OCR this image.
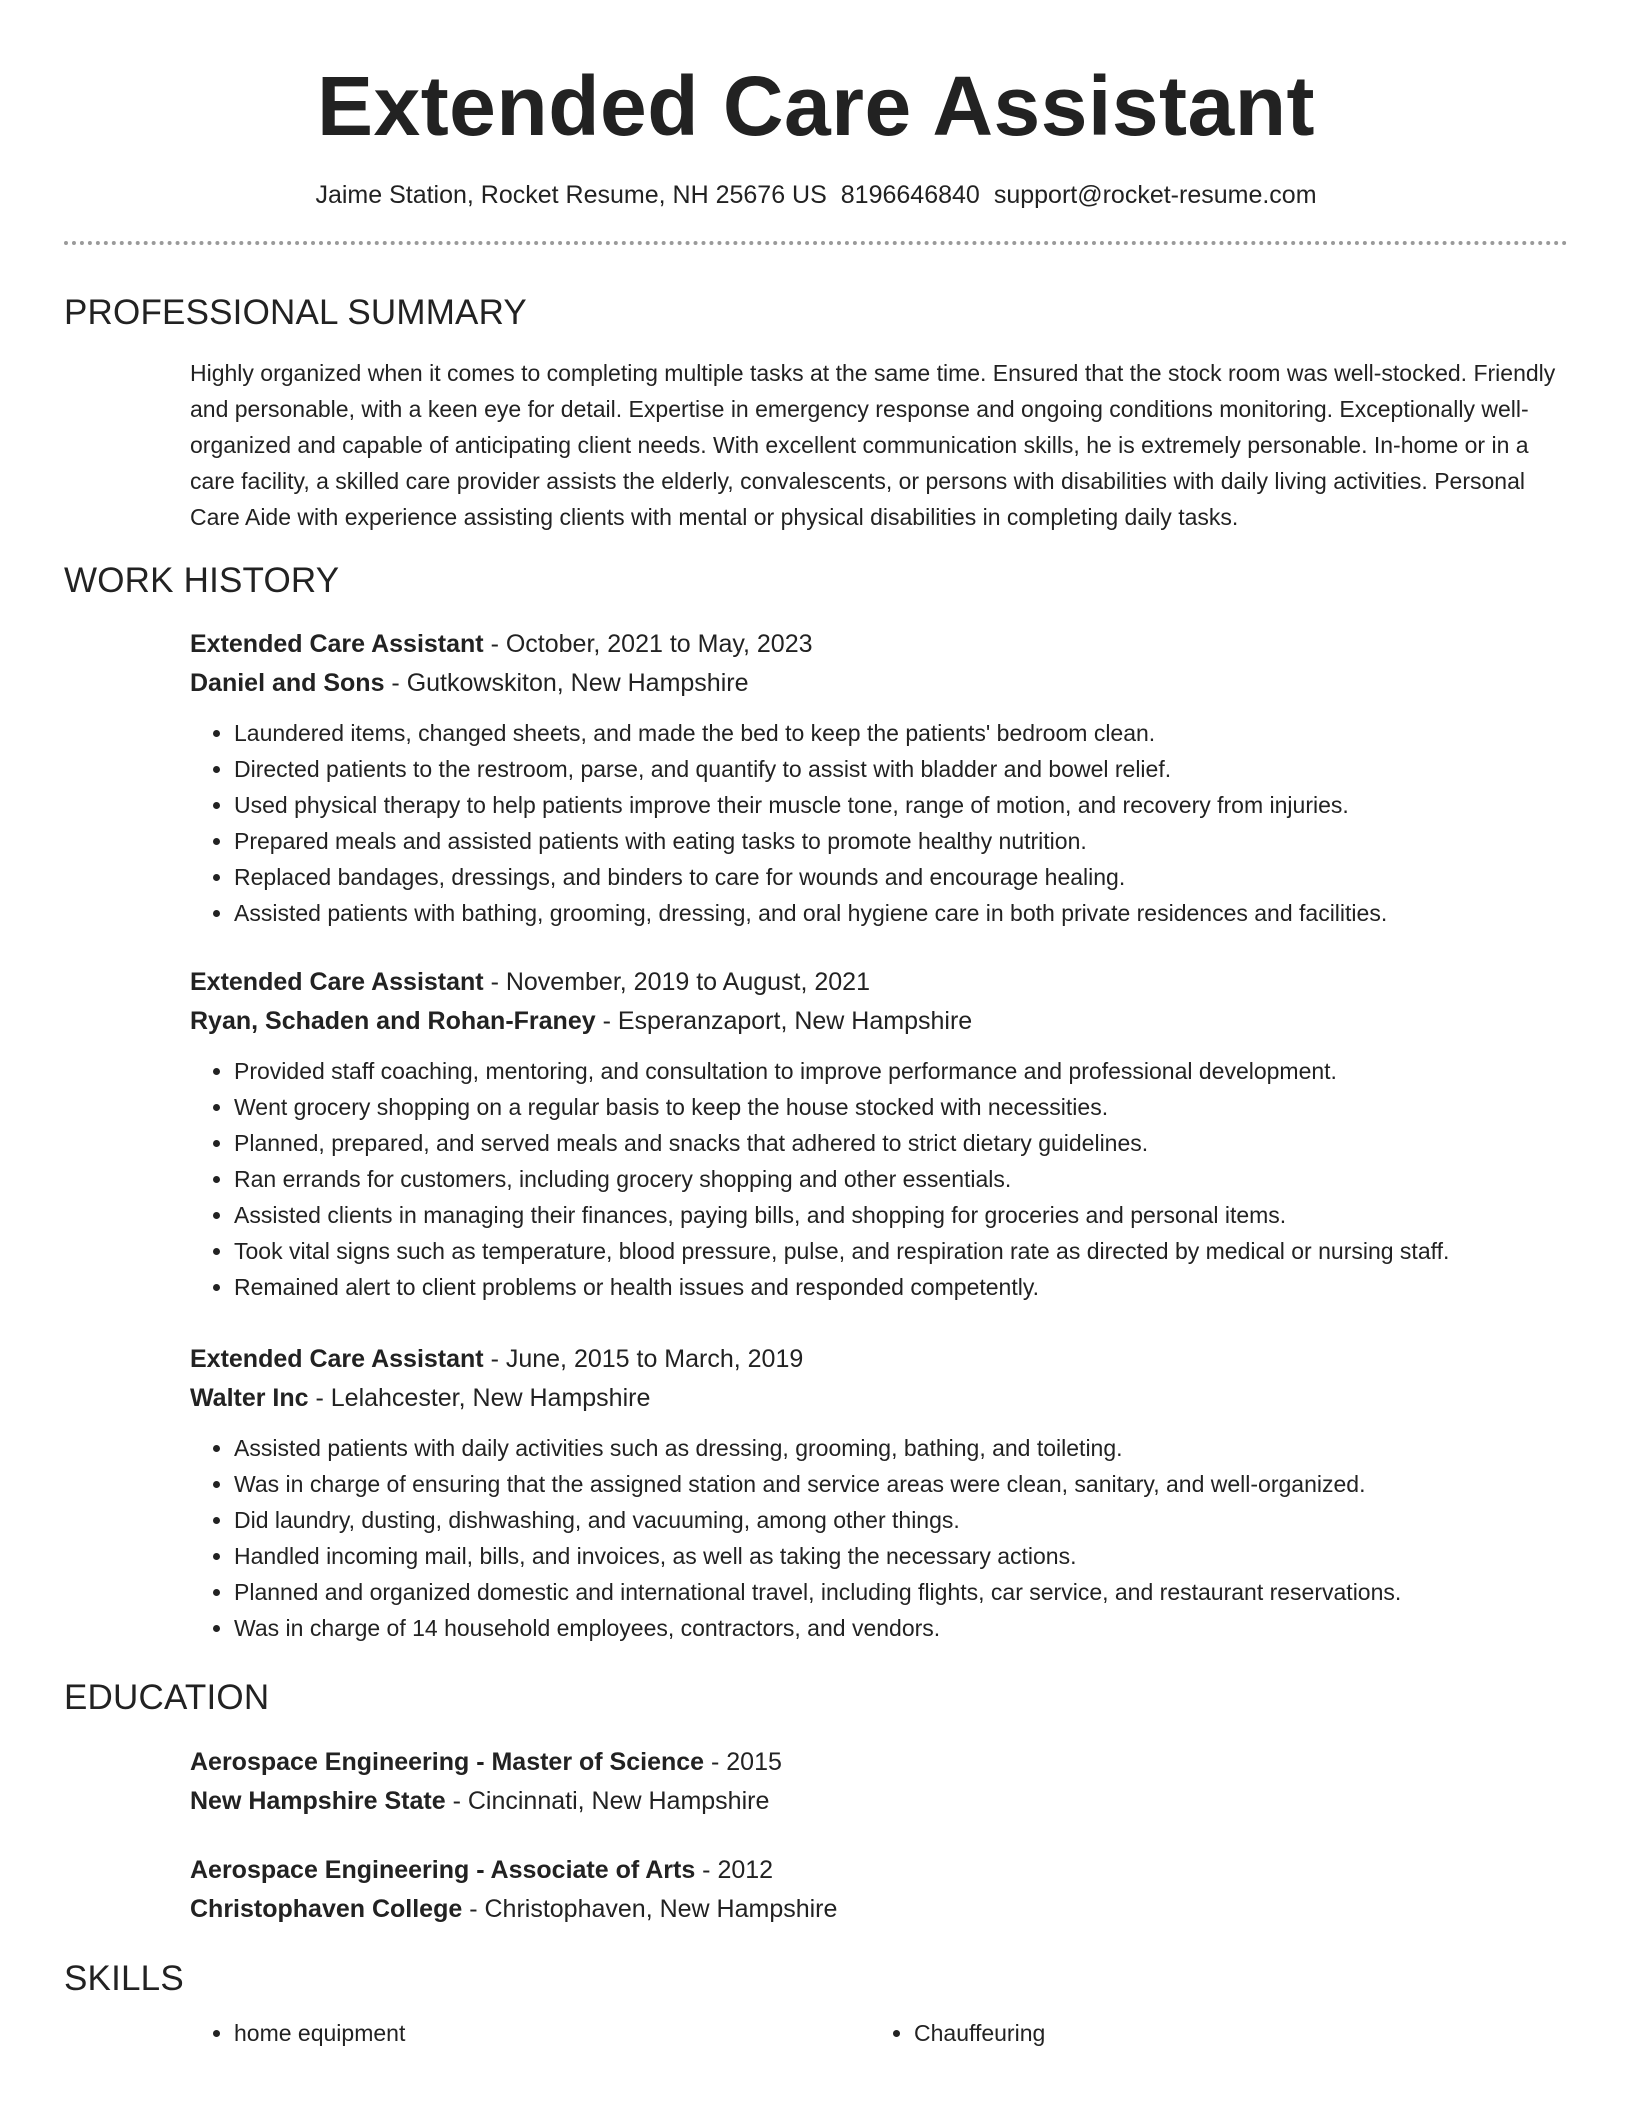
Extended Care Assistant
Jaime Station, Rocket Resume, NH 25676 US 8196646840 support@rocket-resume.com
PROFESSIONAL SUMMARY
Highly organized when it comes to completing multiple tasks at the same time. Ensured that the stock room was well-stocked. Friendly and personable, with a keen eye for detail. Expertise in emergency response and ongoing conditions monitoring. Exceptionally well-organized and capable of anticipating client needs. With excellent communication skills, he is extremely personable. In-home or in a care facility, a skilled care provider assists the elderly, convalescents, or persons with disabilities with daily living activities. Personal Care Aide with experience assisting clients with mental or physical disabilities in completing daily tasks.
WORK HISTORY
Extended Care Assistant - October, 2021 to May, 2023
Daniel and Sons - Gutkowskiton, New Hampshire
• Laundered items, changed sheets, and made the bed to keep the patients' bedroom clean.
• Directed patients to the restroom, parse, and quantify to assist with bladder and bowel relief.
• Used physical therapy to help patients improve their muscle tone, range of motion, and recovery from injuries.
• Prepared meals and assisted patients with eating tasks to promote healthy nutrition.
• Replaced bandages, dressings, and binders to care for wounds and encourage healing.
• Assisted patients with bathing, grooming, dressing, and oral hygiene care in both private residences and facilities.
Extended Care Assistant - November, 2019 to August, 2021
Ryan, Schaden and Rohan-Franey - Esperanzaport, New Hampshire
• Provided staff coaching, mentoring, and consultation to improve performance and professional development.
• Went grocery shopping on a regular basis to keep the house stocked with necessities.
• Planned, prepared, and served meals and snacks that adhered to strict dietary guidelines.
• Ran errands for customers, including grocery shopping and other essentials.
• Assisted clients in managing their finances, paying bills, and shopping for groceries and personal items.
• Took vital signs such as temperature, blood pressure, pulse, and respiration rate as directed by medical or nursing staff.
• Remained alert to client problems or health issues and responded competently.
Extended Care Assistant - June, 2015 to March, 2019
Walter Inc - Lelahcester, New Hampshire
• Assisted patients with daily activities such as dressing, grooming, bathing, and toileting.
• Was in charge of ensuring that the assigned station and service areas were clean, sanitary, and well-organized.
• Did laundry, dusting, dishwashing, and vacuuming, among other things.
• Handled incoming mail, bills, and invoices, as well as taking the necessary actions.
• Planned and organized domestic and international travel, including flights, car service, and restaurant reservations.
• Was in charge of 14 household employees, contractors, and vendors.
EDUCATION
Aerospace Engineering - Master of Science - 2015
New Hampshire State - Cincinnati, New Hampshire
Aerospace Engineering - Associate of Arts - 2012
Christophaven College - Christophaven, New Hampshire
SKILLS
• home equipment
•	Chauffeuring
